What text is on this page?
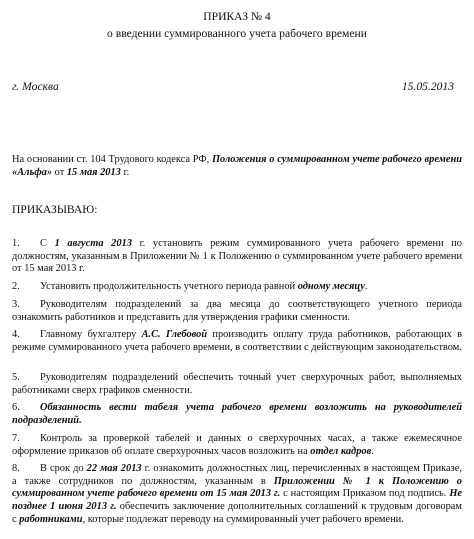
ПРИКАЗ № 4
о введении суммированного учета рабочего времени
г. Москва	15.05.2013
На основании ст. 104 Трудового кодекса РФ, Положения о суммированном учете рабочего времени «Альфа» от 15 мая 2013 г.
ПРИКАЗЫВАЮ:
1. С 1 августа 2013 г. установить режим суммированного учета рабочего времени по должностям, указанным в Приложении № 1 к Положению о суммированном учете рабочего времени от 15 мая 2013 г.
2. Установить продолжительность учетного периода равной одному месяцу.
3. Руководителям подразделений за два месяца до соответствующего учетного периода ознакомить работников и представить для утверждения графики сменности.
4. Главному бухгалтеру А.С. Глебовой производить оплату труда работников, работающих в режиме суммированного учета рабочего времени, в соответствии с действующим законодательством.
5. Руководителям подразделений обеспечить точный учет сверхурочных работ, выполняемых работниками сверх графиков сменности.
6. Обязанность вести табеля учета рабочего времени возложить на руководителей подразделений.
7. Контроль за проверкой табелей и данных о сверхурочных часах, а также ежемесячное оформление приказов об оплате сверхурочных часов возложить на отдел кадров.
8. В срок до 22 мая 2013 г. ознакомить должностных лиц, перечисленных в настоящем Приказе, а также сотрудников по должностям, указанным в Приложении № 1 к Положению о суммированном учете рабочего времени от 15 мая 2013 г. с настоящим Приказом под подпись. Не позднее 1 июня 2013 г. обеспечить заключение дополнительных соглашений к трудовым договорам с работниками, которые подлежат переводу на суммированный учет рабочего времени.
